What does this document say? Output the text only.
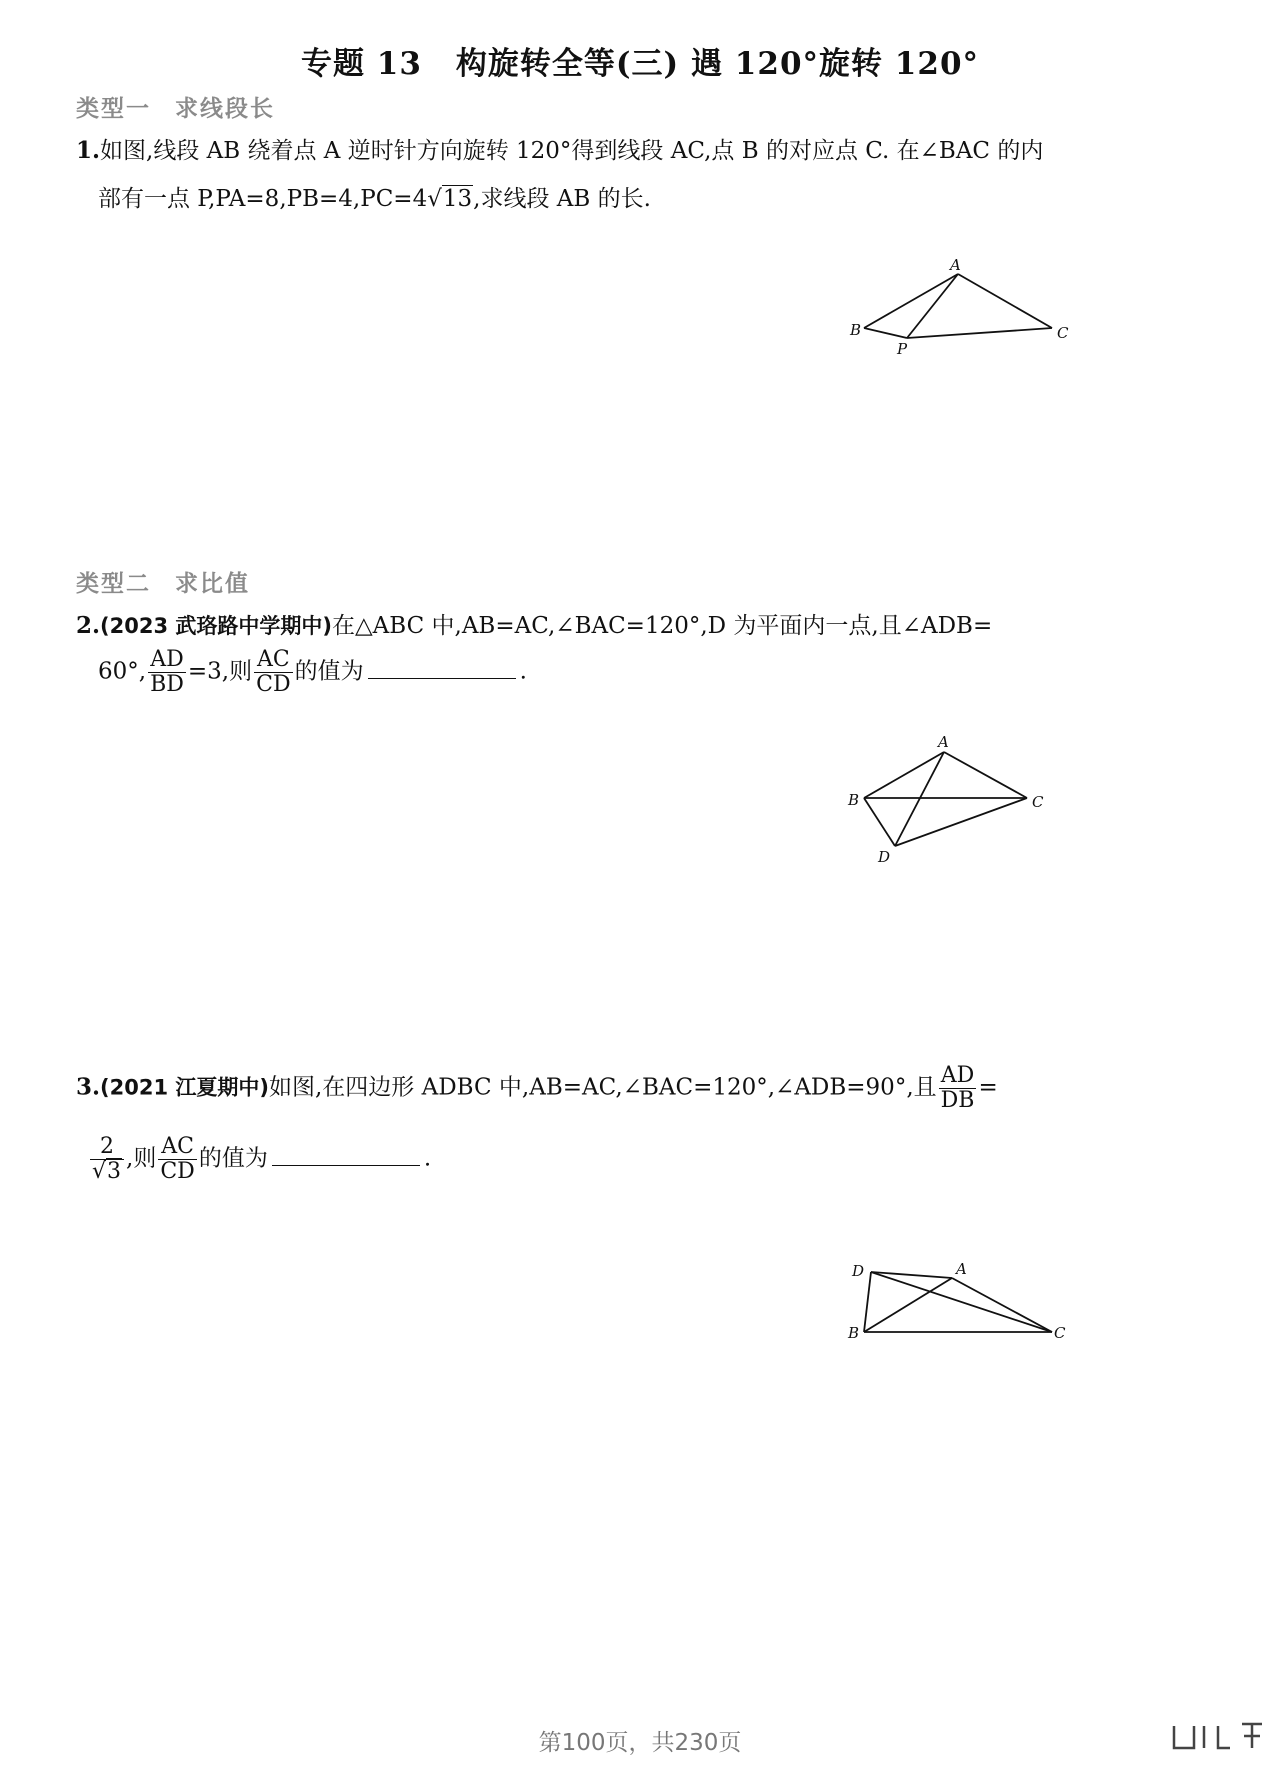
专题 13 构旋转全等(三) 遇 120°旋转 120°
类型一 求线段长
1.如图,线段 AB 绕着点 A 逆时针方向旋转 120°得到线段 AC,点 B 的对应点 C. 在∠BAC 的内
部有一点 P,PA=8,PB=4,PC=4√13,求线段 AB 的长.
A
B	C
P
类型二 求比值
2.(2023 武珞路中学期中)在△ABC 中,AB=AC,∠BAC=120°,D 为平面内一点,且∠ADB=
60°, $\frac{AD}{BD} =3$,则 $\frac{AC}{CD}$ 的值为	.
A
B	C
D
3.(2021 江夏期中)如图,在四边形 ADBC 中,AB=AC,∠BAC=120°,∠ADB=90°,且 $\frac{AD}{DB}$ =
$\frac{2}{√3}$ ,则 $\frac{AC}{CD}$ 的值为	.
A
B	C
D
第100页，共230页
